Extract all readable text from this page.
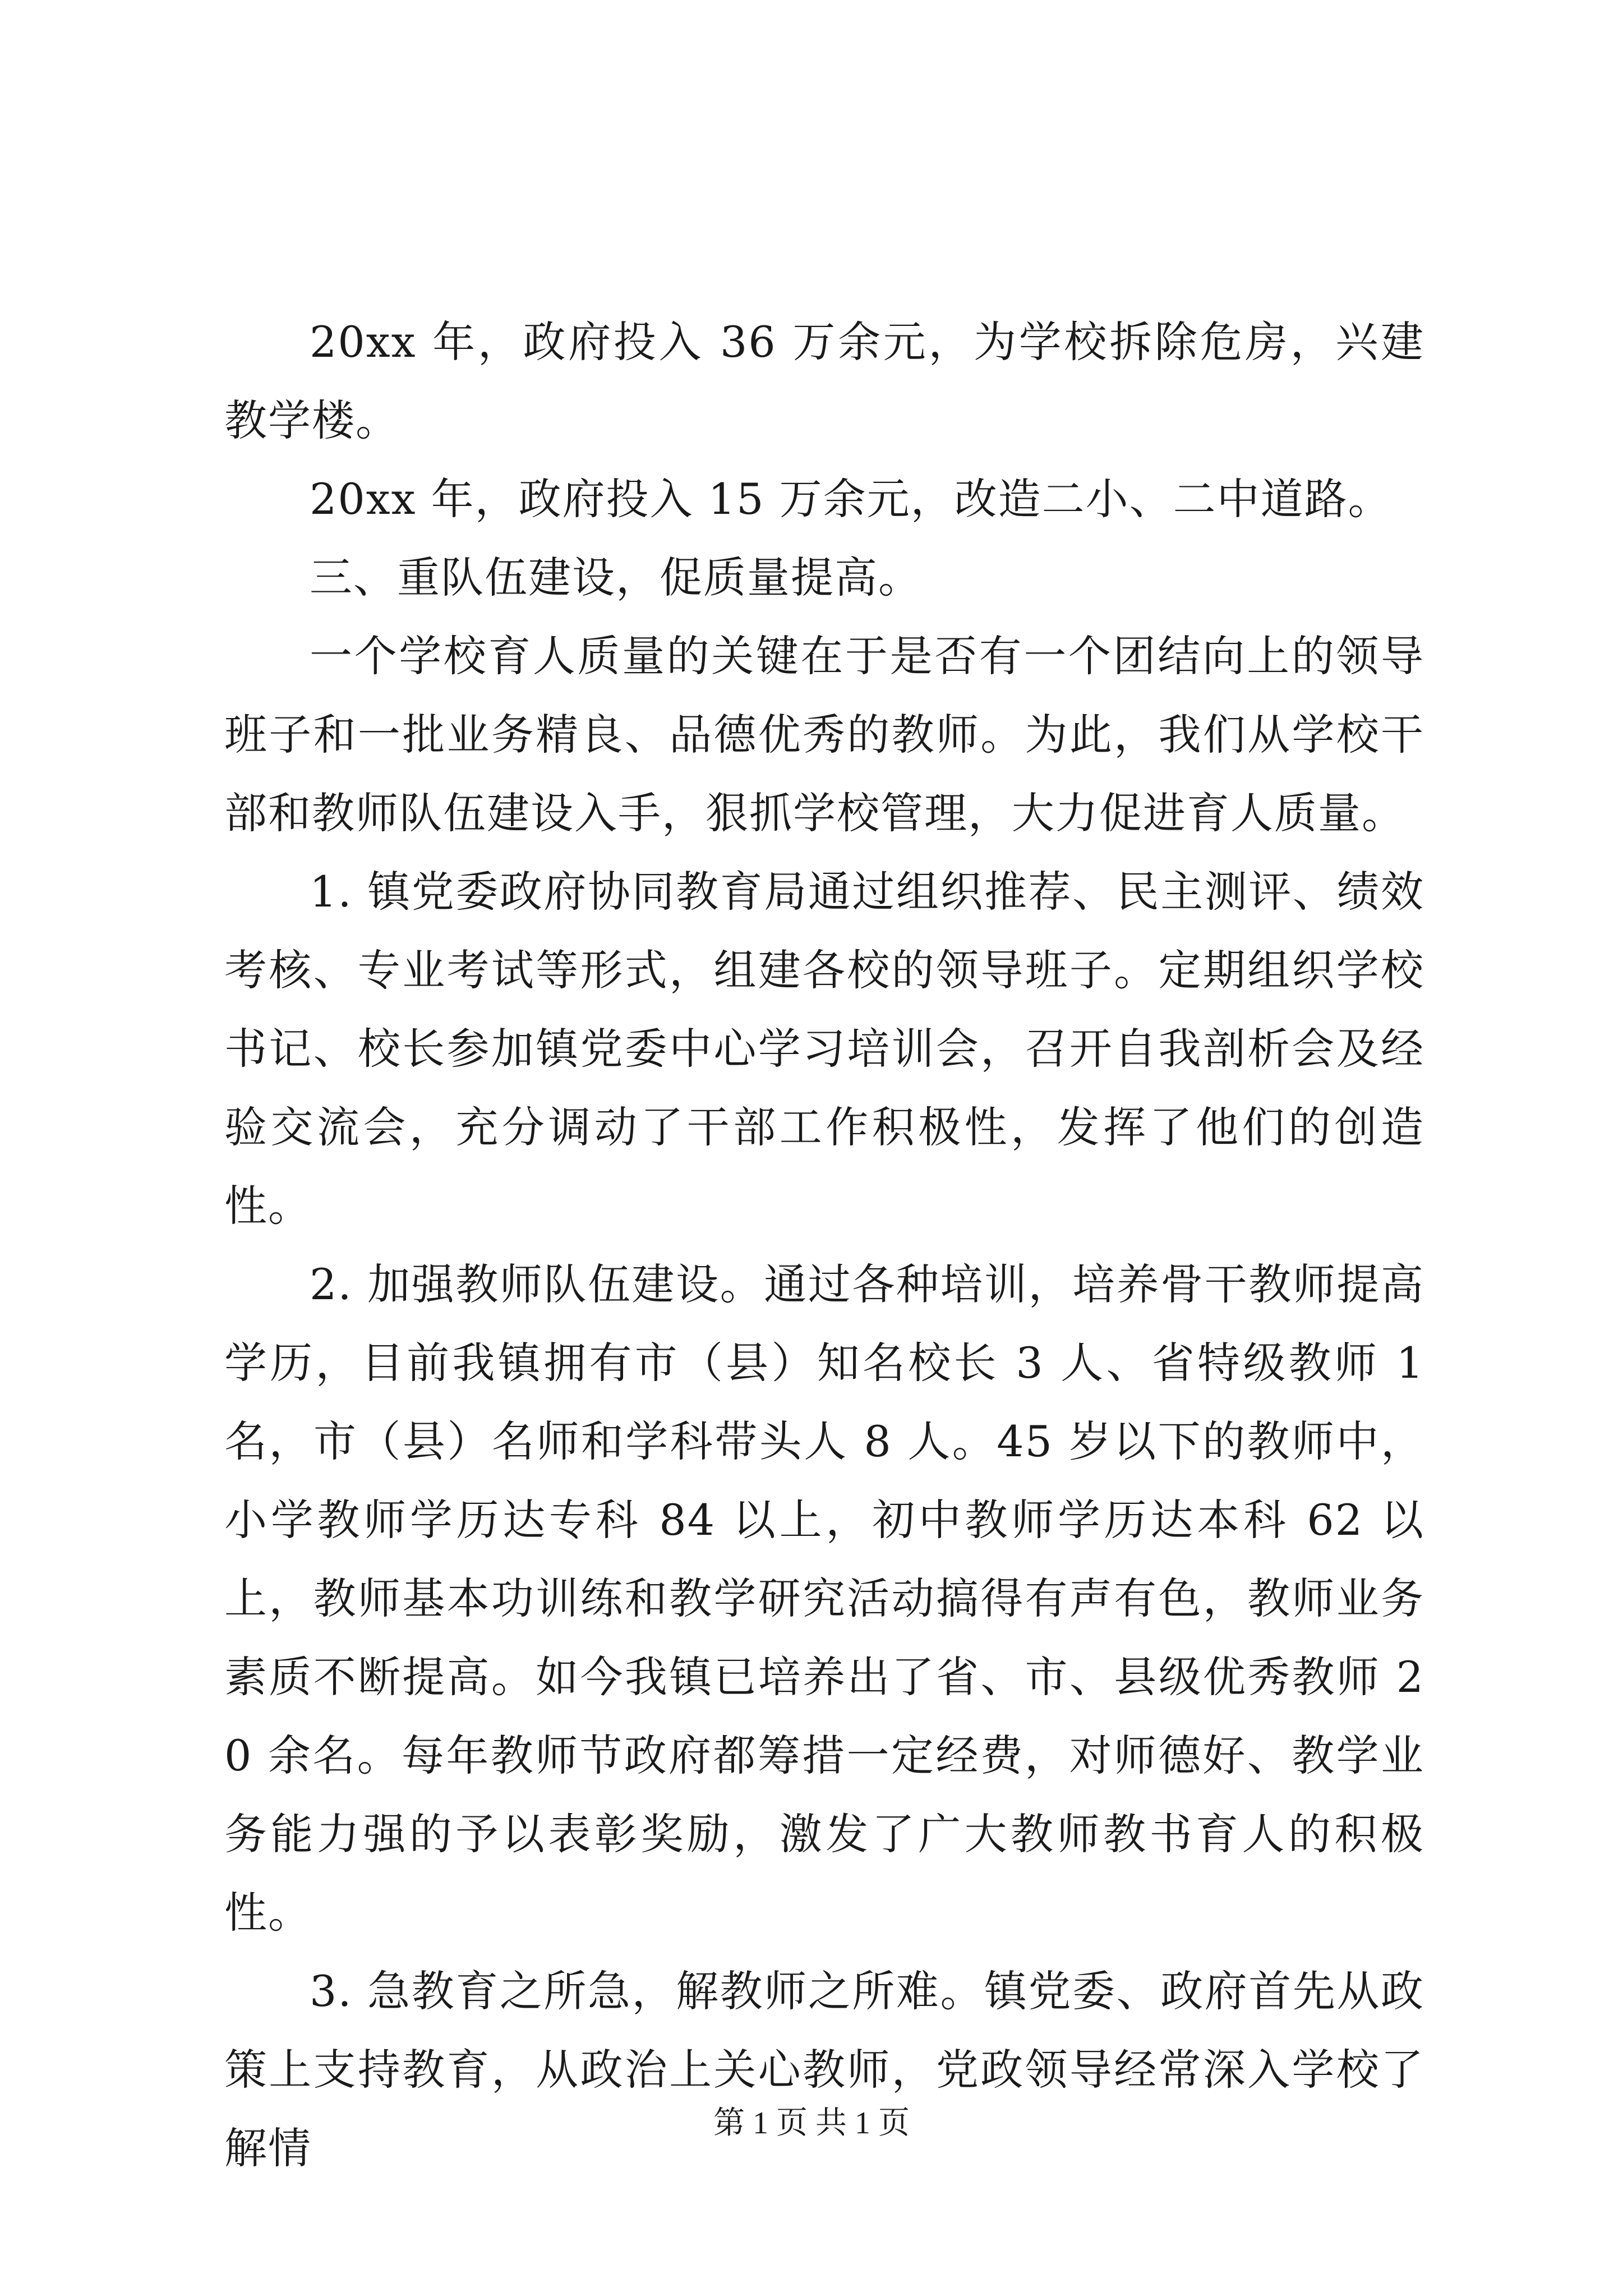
20xx 年，政府投入 36 万余元，为学校拆除危房，兴建教学楼。

20xx 年，政府投入 15 万余元，改造二小、二中道路。

三、重队伍建设，促质量提高。

一个学校育人质量的关键在于是否有一个团结向上的领导班子和一批业务精良、品德优秀的教师。为此，我们从学校干部和教师队伍建设入手，狠抓学校管理，大力促进育人质量。

1. 镇党委政府协同教育局通过组织推荐、民主测评、绩效考核、专业考试等形式，组建各校的领导班子。定期组织学校书记、校长参加镇党委中心学习培训会，召开自我剖析会及经验交流会，充分调动了干部工作积极性，发挥了他们的创造性。

2. 加强教师队伍建设。通过各种培训，培养骨干教师提高学历，目前我镇拥有市（县）知名校长 3 人、省特级教师 1 名，市（县）名师和学科带头人 8 人。45 岁以下的教师中，小学教师学历达专科 84 以上，初中教师学历达本科 62 以上，教师基本功训练和教学研究活动搞得有声有色，教师业务素质不断提高。如今我镇已培养出了省、市、县级优秀教师 20 余名。每年教师节政府都筹措一定经费，对师德好、教学业务能力强的予以表彰奖励，激发了广大教师教书育人的积极性。

3. 急教育之所急，解教师之所难。镇党委、政府首先从政策上支持教育，从政治上关心教师，党政领导经常深入学校了解情	第 1 页 共 1 页
